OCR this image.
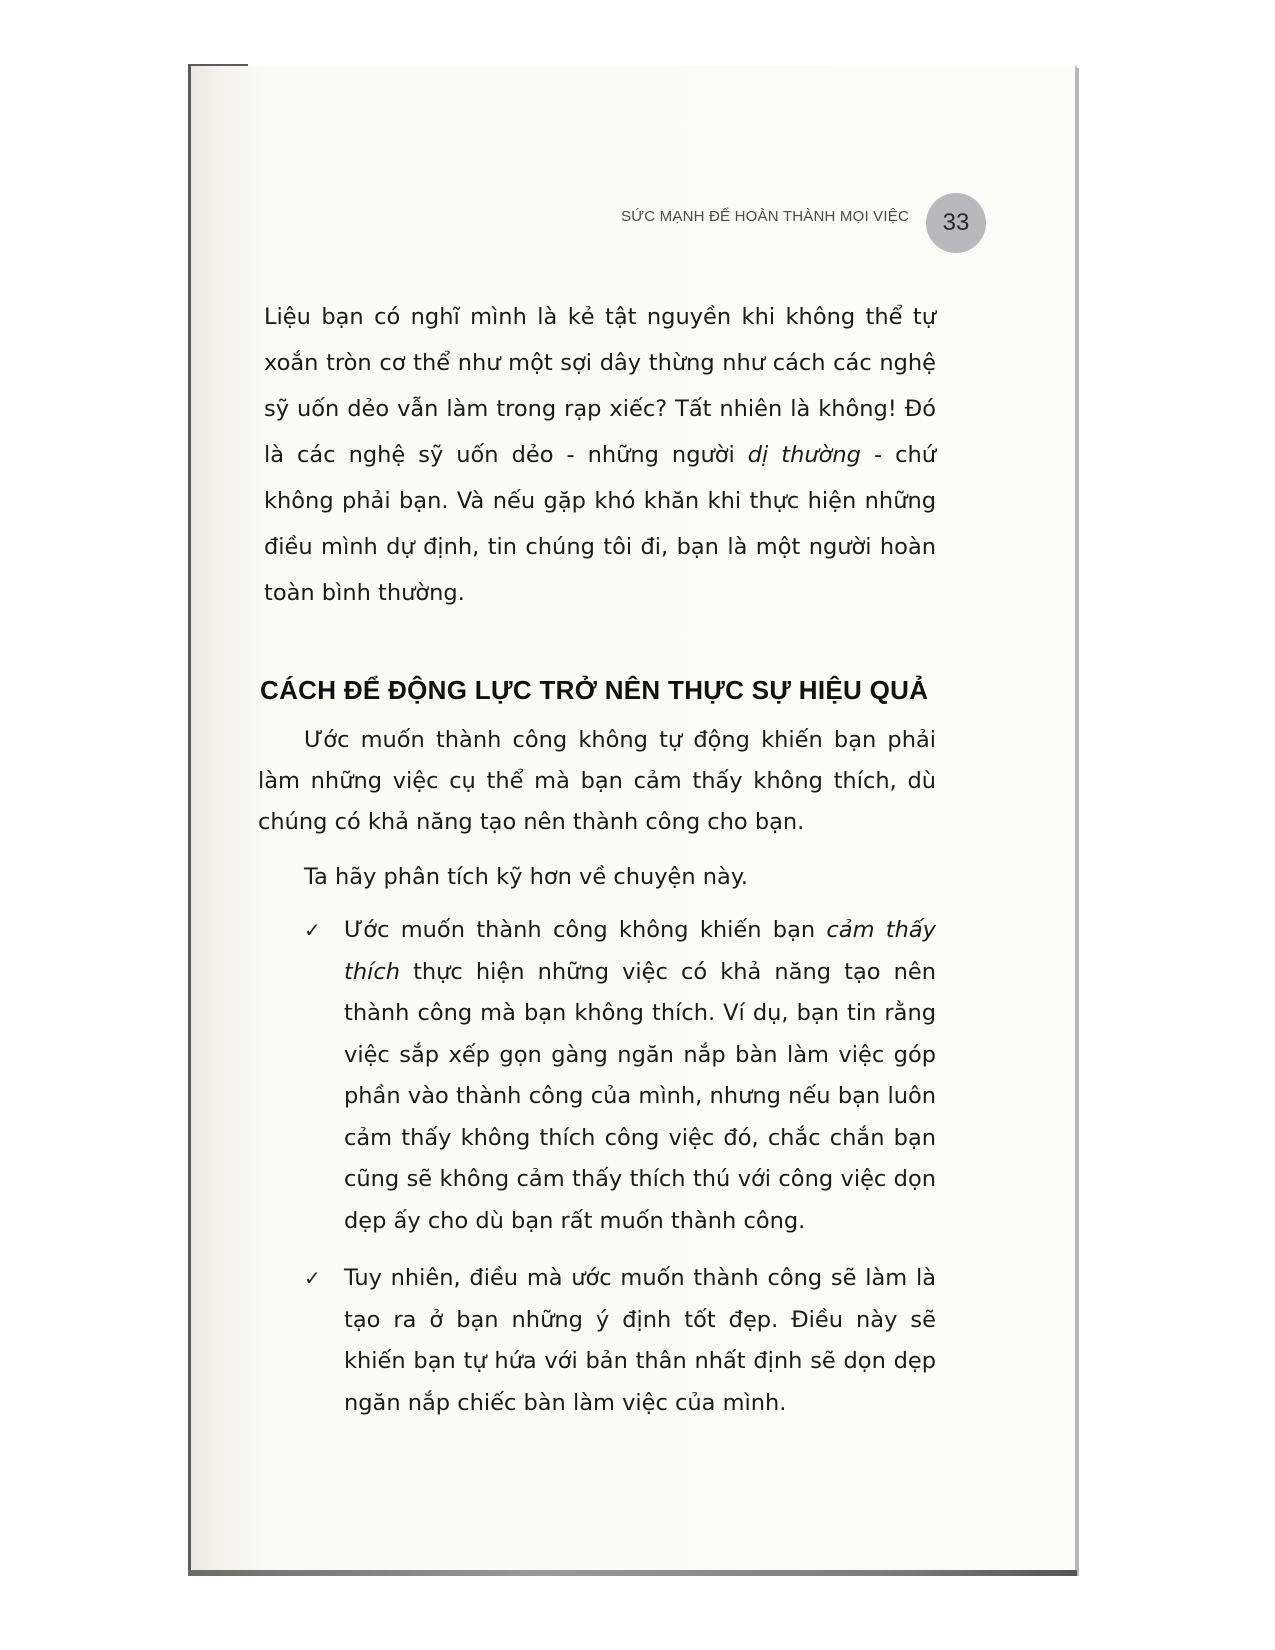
SỨC MẠNH ĐỂ HOÀN THÀNH MỌI VIỆC	33

Liệu bạn có nghĩ mình là kẻ tật nguyền khi không thể tự xoắn tròn cơ thể như một sợi dây thừng như cách các nghệ sỹ uốn dẻo vẫn làm trong rạp xiếc? Tất nhiên là không! Đó là các nghệ sỹ uốn dẻo - những người dị thường - chứ không phải bạn. Và nếu gặp khó khăn khi thực hiện những điều mình dự định, tin chúng tôi đi, bạn là một người hoàn toàn bình thường.

CÁCH ĐỂ ĐỘNG LỰC TRỞ NÊN THỰC SỰ HIỆU QUẢ

Ước muốn thành công không tự động khiến bạn phải làm những việc cụ thể mà bạn cảm thấy không thích, dù chúng có khả năng tạo nên thành công cho bạn.

Ta hãy phân tích kỹ hơn về chuyện này.

✓ Ước muốn thành công không khiến bạn cảm thấy thích thực hiện những việc có khả năng tạo nên thành công mà bạn không thích. Ví dụ, bạn tin rằng việc sắp xếp gọn gàng ngăn nắp bàn làm việc góp phần vào thành công của mình, nhưng nếu bạn luôn cảm thấy không thích công việc đó, chắc chắn bạn cũng sẽ không cảm thấy thích thú với công việc dọn dẹp ấy cho dù bạn rất muốn thành công.
✓ Tuy nhiên, điều mà ước muốn thành công sẽ làm là tạo ra ở bạn những ý định tốt đẹp. Điều này sẽ khiến bạn tự hứa với bản thân nhất định sẽ dọn dẹp ngăn nắp chiếc bàn làm việc của mình.
